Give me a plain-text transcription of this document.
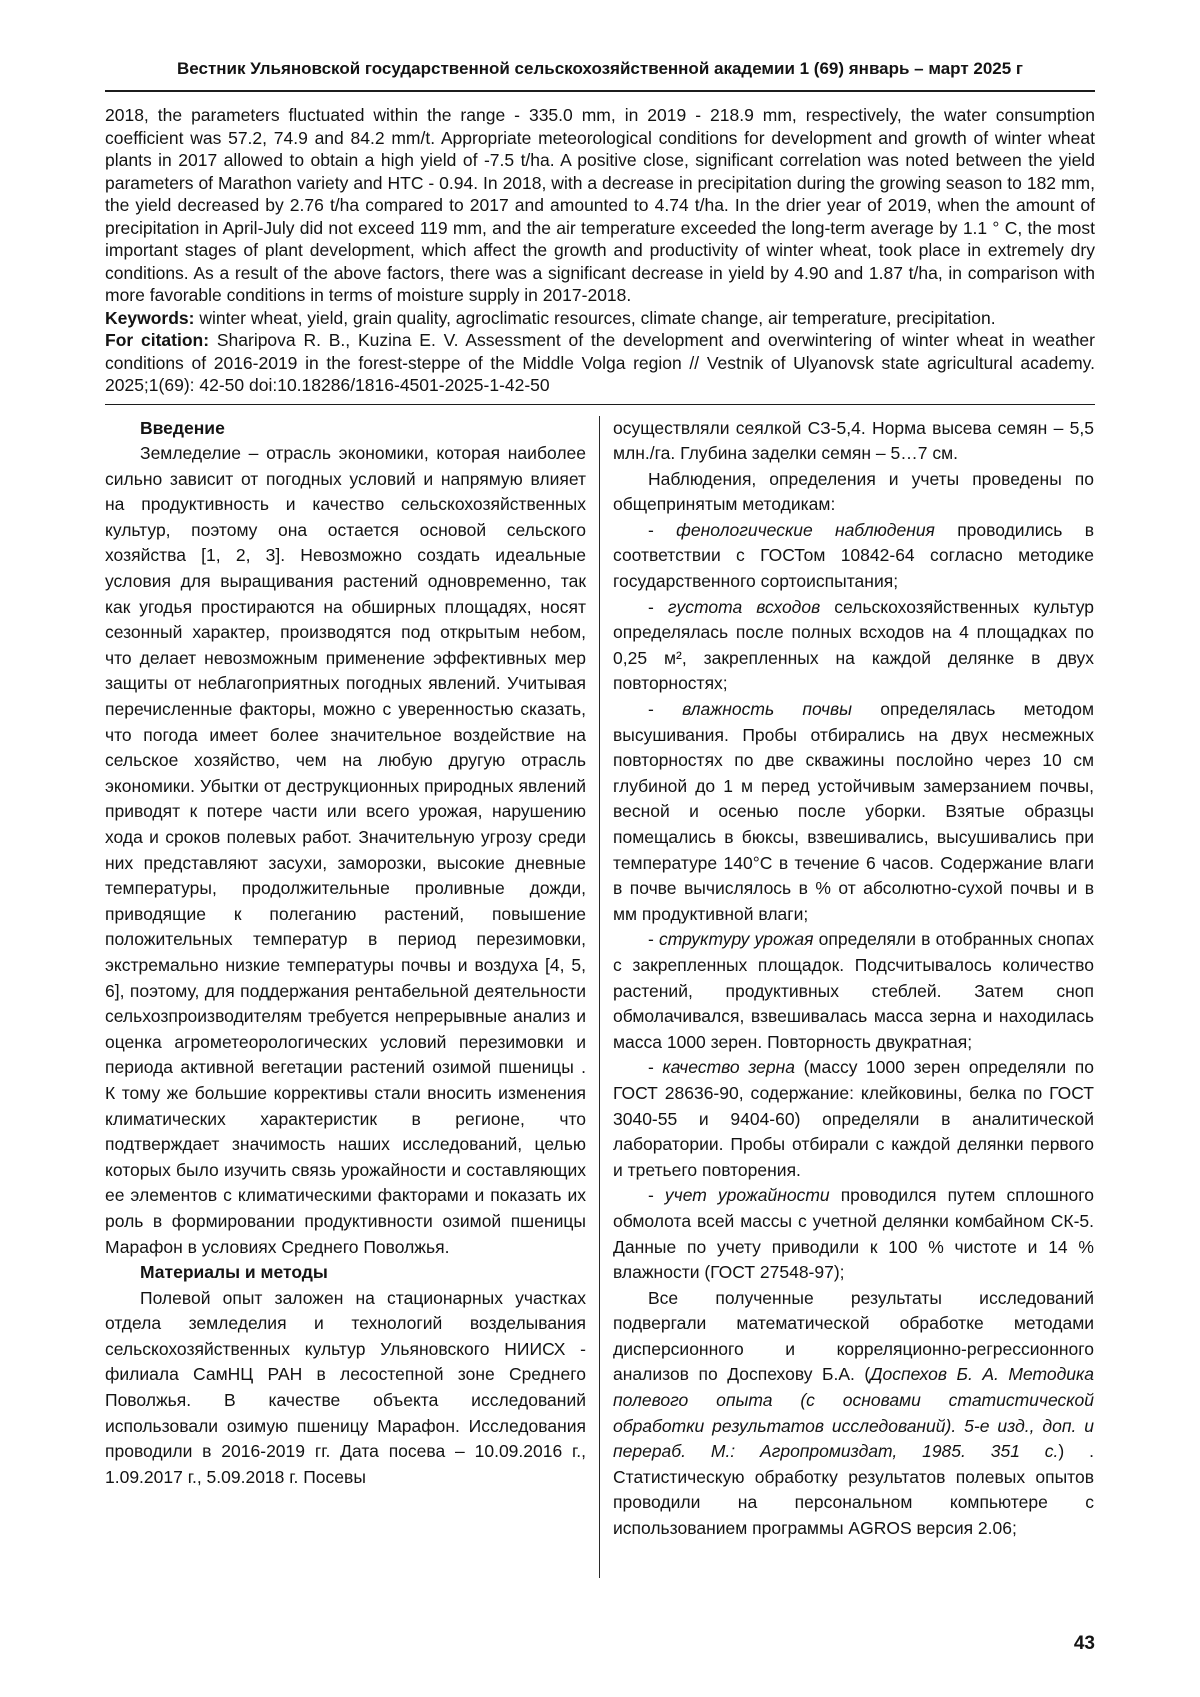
Вестник Ульяновской государственной сельскохозяйственной академии 1 (69) январь – март 2025 г

2018, the parameters fluctuated within the range - 335.0 mm, in 2019 - 218.9 mm, respectively, the water consumption coefficient was 57.2, 74.9 and 84.2 mm/t. Appropriate meteorological conditions for development and growth of winter wheat plants in 2017 allowed to obtain a high yield of -7.5 t/ha. A positive close, significant correlation was noted between the yield parameters of Marathon variety and HTC - 0.94. In 2018, with a decrease in precipitation during the growing season to 182 mm, the yield decreased by 2.76 t/ha compared to 2017 and amounted to 4.74 t/ha. In the drier year of 2019, when the amount of precipitation in April-July did not exceed 119 mm, and the air temperature exceeded the long-term average by 1.1 ° C, the most important stages of plant development, which affect the growth and productivity of winter wheat, took place in extremely dry conditions. As a result of the above factors, there was a significant decrease in yield by 4.90 and 1.87 t/ha, in comparison with more favorable conditions in terms of moisture supply in 2017-2018.

Keywords: winter wheat, yield, grain quality, agroclimatic resources, climate change, air temperature, precipitation.

For citation: Sharipova R. B., Kuzina E. V. Assessment of the development and overwintering of winter wheat in weather conditions of 2016-2019 in the forest-steppe of the Middle Volga region // Vestnik of Ulyanovsk state agricultural academy. 2025;1(69): 42-50 doi:10.18286/1816-4501-2025-1-42-50

Введение

Земледелие – отрасль экономики, которая наиболее сильно зависит от погодных условий и напрямую влияет на продуктивность и качество сельскохозяйственных культур, поэтому она остается основой сельского хозяйства [1, 2, 3]. Невозможно создать идеальные условия для выращивания растений одновременно, так как угодья простираются на обширных площадях, носят сезонный характер, производятся под открытым небом, что делает невозможным применение эффективных мер защиты от неблагоприятных погодных явлений. Учитывая перечисленные факторы, можно с уверенностью сказать, что погода имеет более значительное воздействие на сельское хозяйство, чем на любую другую отрасль экономики. Убытки от деструкционных природных явлений приводят к потере части или всего урожая, нарушению хода и сроков полевых работ. Значительную угрозу среди них представляют засухи, заморозки, высокие дневные температуры, продолжительные проливные дожди, приводящие к полеганию растений, повышение положительных температур в период перезимовки, экстремально низкие температуры почвы и воздуха [4, 5, 6], поэтому, для поддержания рентабельной деятельности сельхозпроизводителям требуется непрерывные анализ и оценка агрометеорологических условий перезимовки и периода активной вегетации растений озимой пшеницы . К тому же большие коррективы стали вносить изменения климатических характеристик в регионе, что подтверждает значимость наших исследований, целью которых было изучить связь урожайности и составляющих ее элементов с климатическими факторами и показать их роль в формировании продуктивности озимой пшеницы Марафон в условиях Среднего Поволжья.

Материалы и методы

Полевой опыт заложен на стационарных участках отдела земледелия и технологий возделывания сельскохозяйственных культур Ульяновского НИИСХ - филиала СамНЦ РАН в лесостепной зоне Среднего Поволжья. В качестве объекта исследований использовали озимую пшеницу Марафон. Исследования проводили в 2016-2019 гг. Дата посева – 10.09.2016 г., 1.09.2017 г., 5.09.2018 г. Посевы

осуществляли сеялкой СЗ-5,4. Норма высева семян – 5,5 млн./га. Глубина заделки семян – 5…7 см.

Наблюдения, определения и учеты проведены по общепринятым методикам:

- фенологические наблюдения проводились в соответствии с ГОСТом 10842-64 согласно методике государственного сортоиспытания;

- густота всходов сельскохозяйственных культур определялась после полных всходов на 4 площадках по 0,25 м², закрепленных на каждой делянке в двух повторностях;

- влажность почвы определялась методом высушивания. Пробы отбирались на двух несмежных повторностях по две скважины послойно через 10 см глубиной до 1 м перед устойчивым замерзанием почвы, весной и осенью после уборки. Взятые образцы помещались в бюксы, взвешивались, высушивались при температуре 140°С в течение 6 часов. Содержание влаги в почве вычислялось в % от абсолютно-сухой почвы и в мм продуктивной влаги;

- структуру урожая определяли в отобранных снопах с закрепленных площадок. Подсчитывалось количество растений, продуктивных стеблей. Затем сноп обмолачивался, взвешивалась масса зерна и находилась масса 1000 зерен. Повторность двукратная;

- качество зерна (массу 1000 зерен определяли по ГОСТ 28636-90, содержание: клейковины, белка по ГОСТ 3040-55 и 9404-60) определяли в аналитической лаборатории. Пробы отбирали с каждой делянки первого и третьего повторения.

- учет урожайности проводился путем сплошного обмолота всей массы с учетной делянки комбайном СК-5. Данные по учету приводили к 100 % чистоте и 14 % влажности (ГОСТ 27548-97);

Все полученные результаты исследований подвергали математической обработке методами дисперсионного и корреляционно-регрессионного анализов по Доспехову Б.А. (Доспехов Б. А. Методика полевого опыта (с основами статистической обработки результатов исследований). 5-е изд., доп. и перераб. М.: Агропромиздат, 1985. 351 с.) . Статистическую обработку результатов полевых опытов проводили на персональном компьютере с использованием программы AGROS версия 2.06;

43
